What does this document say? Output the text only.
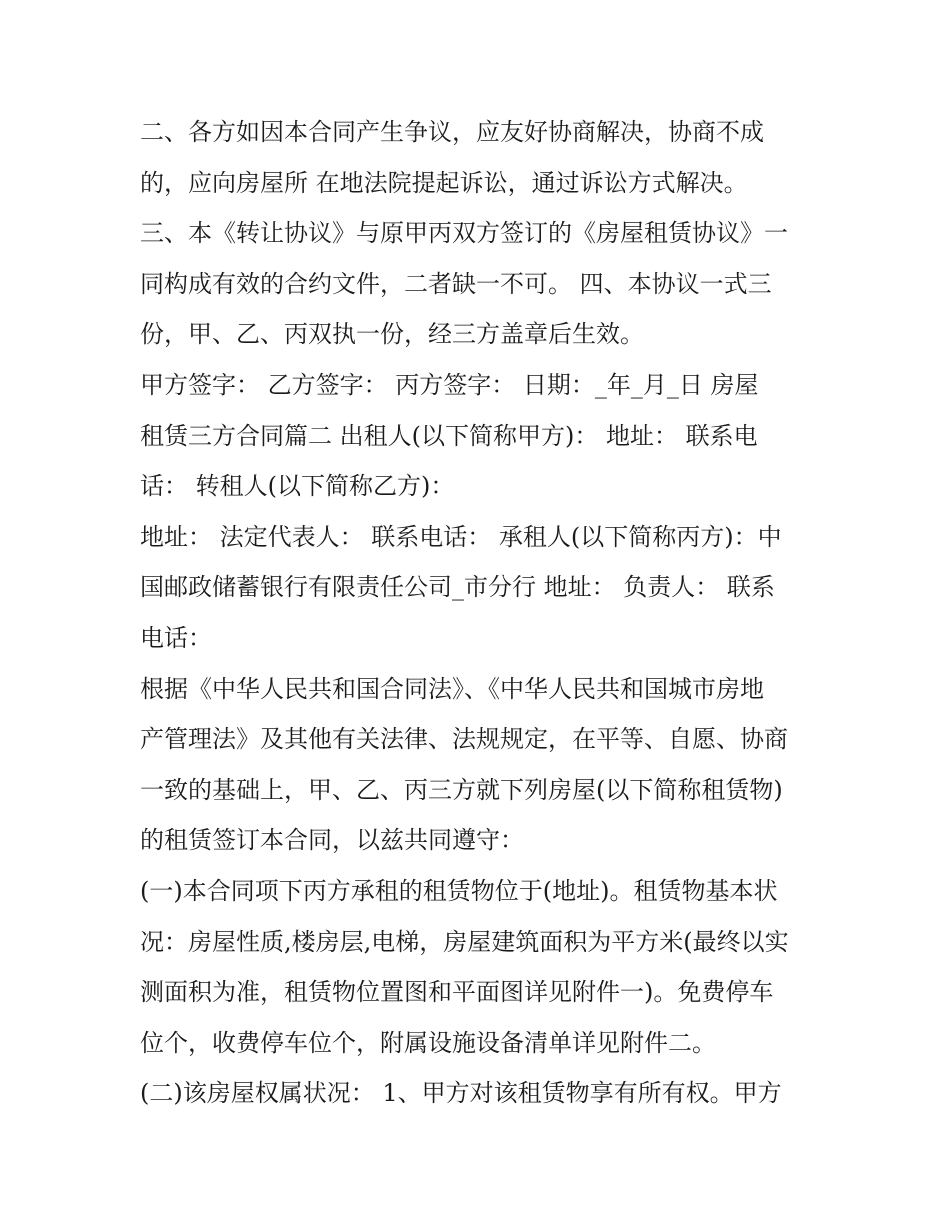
二、各方如因本合同产生争议，应友好协商解决，协商不成
的，应向房屋所 在地法院提起诉讼，通过诉讼方式解决。
三、本《转让协议》与原甲丙双方签订的《房屋租赁协议》一
同构成有效的合约文件，二者缺一不可。 四、本协议一式三
份，甲、乙、丙双执一份，经三方盖章后生效。
甲方签字： 乙方签字： 丙方签字： 日期：_年_月_日 房屋
租赁三方合同篇二 出租人(以下简称甲方)： 地址： 联系电
话： 转租人(以下简称乙方)：
地址： 法定代表人： 联系电话： 承租人(以下简称丙方)：中
国邮政储蓄银行有限责任公司_市分行 地址： 负责人： 联系
电话：
根据《中华人民共和国合同法》、《中华人民共和国城市房地
产管理法》及其他有关法律、法规规定，在平等、自愿、协商
一致的基础上，甲、乙、丙三方就下列房屋(以下简称租赁物)
的租赁签订本合同，以兹共同遵守：
(一)本合同项下丙方承租的租赁物位于(地址)。租赁物基本状
况：房屋性质,楼房层,电梯，房屋建筑面积为平方米(最终以实
测面积为准，租赁物位置图和平面图详见附件一)。免费停车
位个，收费停车位个，附属设施设备清单详见附件二。
(二)该房屋权属状况： 1、甲方对该租赁物享有所有权。甲方
